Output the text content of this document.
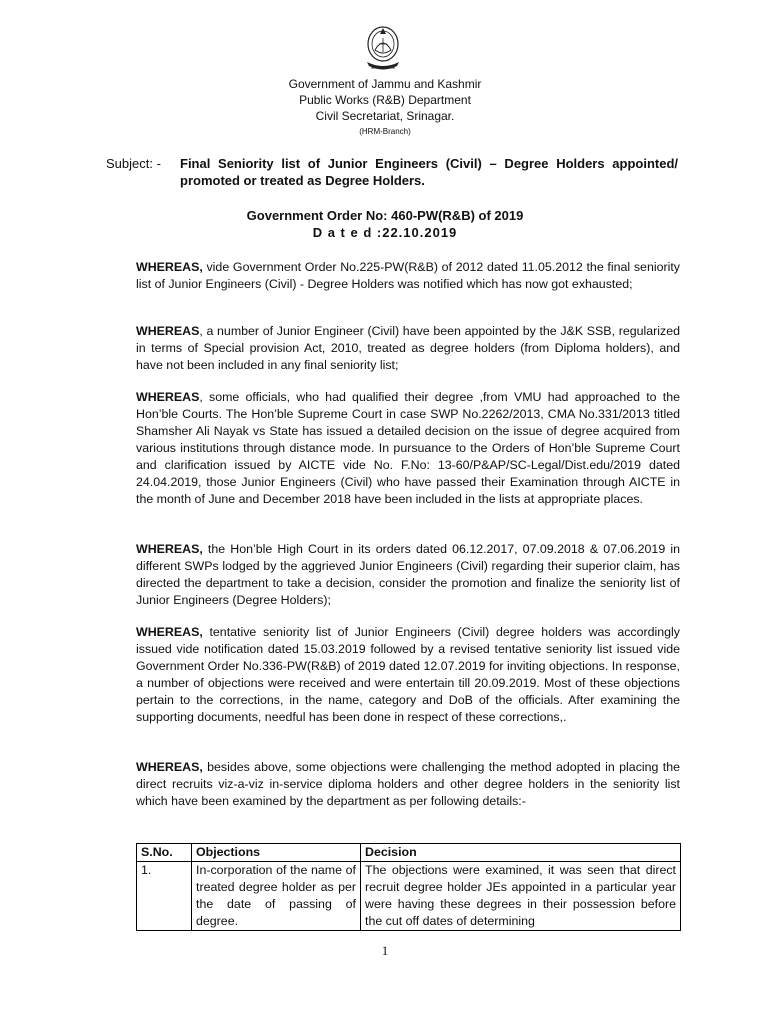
Government of Jammu and Kashmir
Public Works (R&B) Department
Civil Secretariat, Srinagar.
(HRM-Branch)
Subject: - Final Seniority list of Junior Engineers (Civil) – Degree Holders appointed/ promoted or treated as Degree Holders.
Government Order No: 460-PW(R&B) of 2019
D a t e d :22.10.2019
WHEREAS, vide Government Order No.225-PW(R&B) of 2012 dated 11.05.2012 the final seniority list of Junior Engineers (Civil) - Degree Holders was notified which has now got exhausted;
WHEREAS, a number of Junior Engineer (Civil) have been appointed by the J&K SSB, regularized in terms of Special provision Act, 2010, treated as degree holders (from Diploma holders), and have not been included in any final seniority list;
WHEREAS, some officials, who had qualified their degree ,from VMU had approached to the Hon’ble Courts. The Hon’ble Supreme Court in case SWP No.2262/2013, CMA No.331/2013 titled Shamsher Ali Nayak vs State has issued a detailed decision on the issue of degree acquired from various institutions through distance mode. In pursuance to the Orders of Hon’ble Supreme Court and clarification issued by AICTE vide No. F.No: 13-60/P&AP/SC-Legal/Dist.edu/2019 dated 24.04.2019, those Junior Engineers (Civil) who have passed their Examination through AICTE in the month of June and December 2018 have been included in the lists at appropriate places.
WHEREAS, the Hon’ble High Court in its orders dated 06.12.2017, 07.09.2018 & 07.06.2019 in different SWPs lodged by the aggrieved Junior Engineers (Civil) regarding their superior claim, has directed the department to take a decision, consider the promotion and finalize the seniority list of Junior Engineers (Degree Holders);
WHEREAS, tentative seniority list of Junior Engineers (Civil) degree holders was accordingly issued vide notification dated 15.03.2019 followed by a revised tentative seniority list issued vide Government Order No.336-PW(R&B) of 2019 dated 12.07.2019 for inviting objections. In response, a number of objections were received and were entertain till 20.09.2019. Most of these objections pertain to the corrections, in the name, category and DoB of the officials. After examining the supporting documents, needful has been done in respect of these corrections,.
WHEREAS, besides above, some objections were challenging the method adopted in placing the direct recruits viz-a-viz in-service diploma holders and other degree holders in the seniority list which have been examined by the department as per following details:-
S.No.	Objections	Decision
1.	In-corporation of the name of treated degree holder as per the date of passing of degree.	The objections were examined, it was seen that direct recruit degree holder JEs appointed in a particular year were having these degrees in their possession before the cut off dates of determining
1
